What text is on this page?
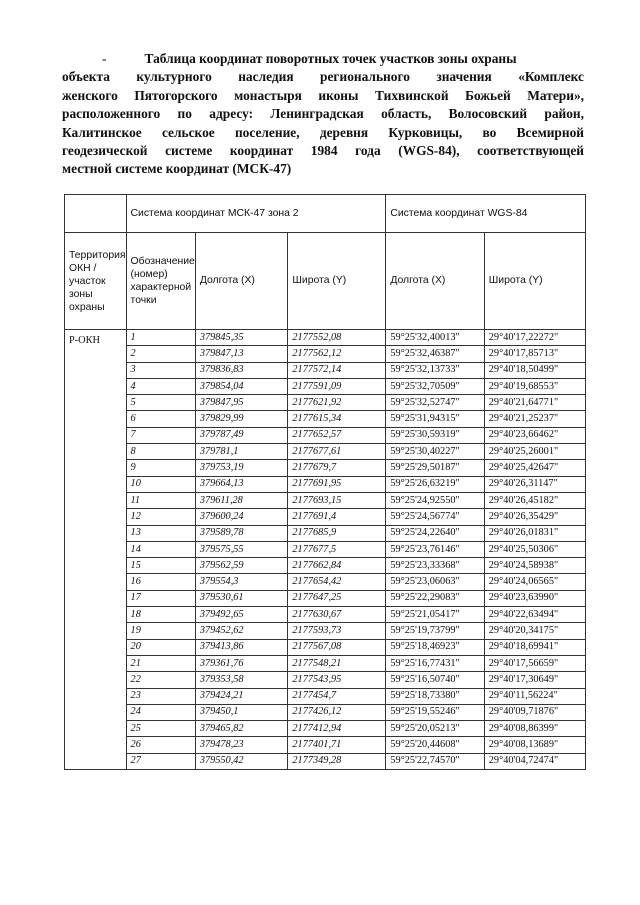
-	Таблица координат поворотных точек участков зоны охраны
объекта культурного наследия регионального значения «Комплекс
женского Пятогорского монастыря иконы Тихвинской Божьей Матери»,
расположенного по адресу: Ленинградская область, Волосовский район,
Калитинское сельское поселение, деревня Курковицы, во Всемирной
геодезической системе координат 1984 года (WGS-84), соответствующей
местной системе координат (МСК-47)
	Система координат МСК-47 зона 2			Система координат WGS-84	
Территория ОКН / участок зоны охраны	Обозначение (номер) характерной точки	Долгота (X)	Широта (Y)	Долгота (X)	Широта (Y)
Р-ОКН	1	379845,35	2177552,08	59°25'32,40013"	29°40'17,22272"
	2	379847,13	2177562,12	59°25'32,46387"	29°40'17,85713"
	3	379836,83	2177572,14	59°25'32,13733"	29°40'18,50499"
	4	379854,04	2177591,09	59°25'32,70509"	29°40'19,68553"
	5	379847,95	2177621,92	59°25'32,52747"	29°40'21,64771"
	6	379829,99	2177615,34	59°25'31,94315"	29°40'21,25237"
	7	379787,49	2177652,57	59°25'30,59319"	29°40'23,66462"
	8	379781,1	2177677,61	59°25'30,40227"	29°40'25,26001"
	9	379753,19	2177679,7	59°25'29,50187"	29°40'25,42647"
	10	379664,13	2177691,95	59°25'26,63219"	29°40'26,31147"
	11	379611,28	2177693,15	59°25'24,92550"	29°40'26,45182"
	12	379600,24	2177691,4	59°25'24,56774"	29°40'26,35429"
	13	379589,78	2177685,9	59°25'24,22640"	29°40'26,01831"
	14	379575,55	2177677,5	59°25'23,76146"	29°40'25,50306"
	15	379562,59	2177662,84	59°25'23,33368"	29°40'24,58938"
	16	379554,3	2177654,42	59°25'23,06063"	29°40'24,06565"
	17	379530,61	2177647,25	59°25'22,29083"	29°40'23,63990"
	18	379492,65	2177630,67	59°25'21,05417"	29°40'22,63494"
	19	379452,62	2177593,73	59°25'19,73799"	29°40'20,34175"
	20	379413,86	2177567,08	59°25'18,46923"	29°40'18,69941"
	21	379361,76	2177548,21	59°25'16,77431"	29°40'17,56659"
	22	379353,58	2177543,95	59°25'16,50740"	29°40'17,30649"
	23	379424,21	2177454,7	59°25'18,73380"	29°40'11,56224"
	24	379450,1	2177426,12	59°25'19,55246"	29°40'09,71876"
	25	379465,82	2177412,94	59°25'20,05213"	29°40'08,86399"
	26	379478,23	2177401,71	59°25'20,44608"	29°40'08,13689"
	27	379550,42	2177349,28	59°25'22,74570"	29°40'04,72474"
